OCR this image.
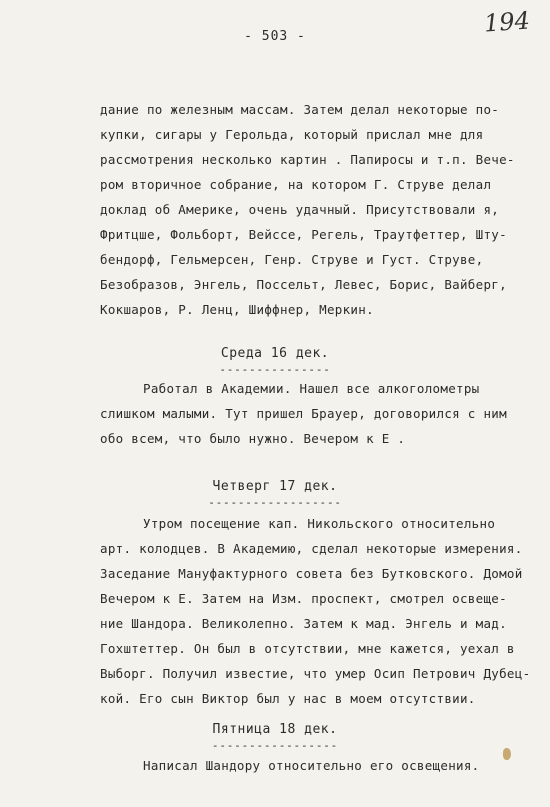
- 503 -	194
дание по железным массам. Затем делал некоторые по-
купки, сигары у Герольда, который прислал мне для
рассмотрения несколько картин . Папиросы и т.п. Вече-
ром вторичное собрание, на котором Г. Струве делал
доклад об Америке, очень удачный. Присутствовали я,
Фритцше, Фольборт, Вейссе, Регель, Траутфеттер, Шту-
бендорф, Гельмерсен, Генр. Струве и Густ. Струве,
Безобразов, Энгель, Поссельт, Левес, Борис, Вайберг,
Кокшаров, Р. Ленц, Шиффнер, Меркин.
Среда 16 дек.
---------------
Работал в Академии. Нашел все алкоголометры
слишком малыми. Тут пришел Брауер, договорился с ним
обо всем, что было нужно. Вечером к Е .
Четверг 17 дек.
------------------
Утром посещение кап. Никольского относительно
арт. колодцев. В Академию, сделал некоторые измерения.
Заседание Мануфактурного совета без Бутковского. Домой
Вечером к Е. Затем на Изм. проспект, смотрел освеще-
ние Шандора. Великолепно. Затем к мад. Энгель и мад.
Гохштеттер. Он был в отсутствии, мне кажется, уехал в
Выборг. Получил известие, что умер Осип Петрович Дубец-
кой. Его сын Виктор был у нас в моем отсутствии.
Пятница 18 дек.
-----------------
Написал Шандору относительно его освещения.
